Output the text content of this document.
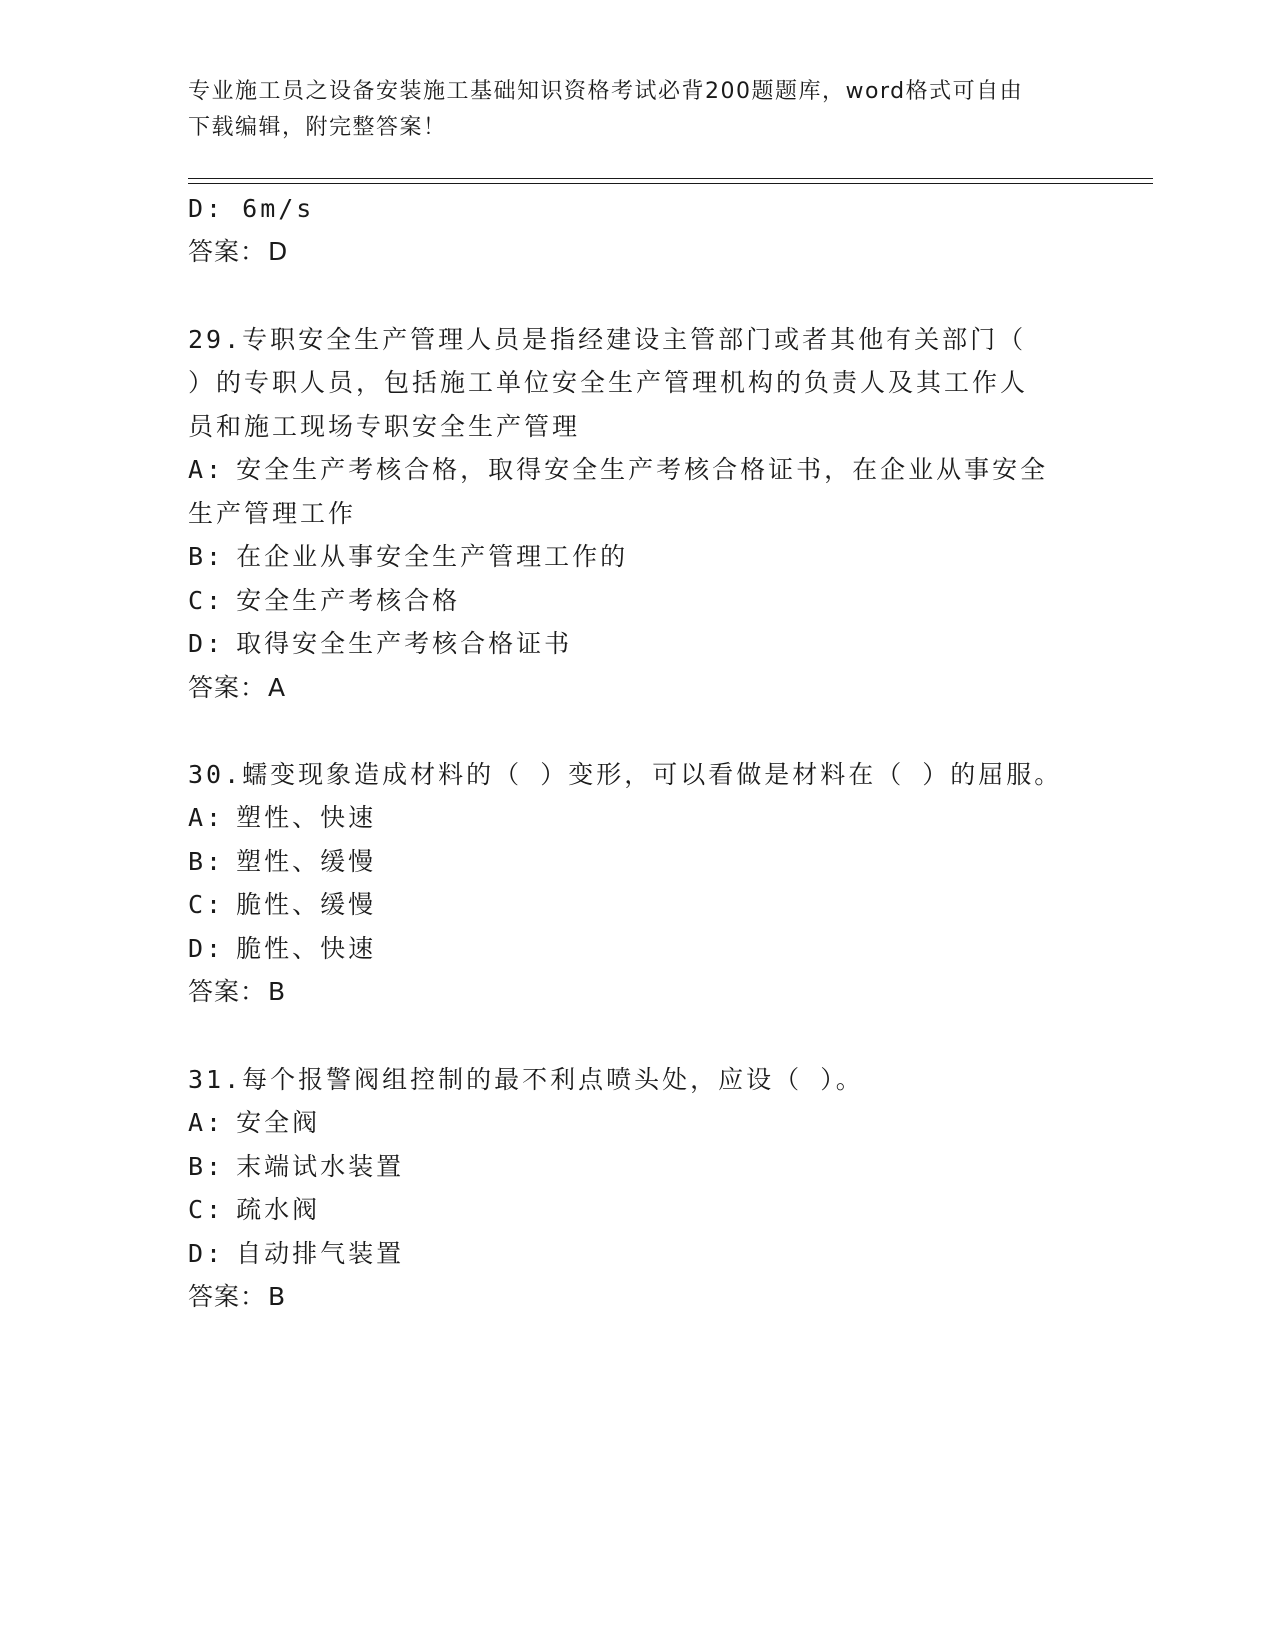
专业施工员之设备安装施工基础知识资格考试必背200题题库，word格式可自由
下载编辑，附完整答案！
D: 6m/s
答案：D
29.专职安全生产管理人员是指经建设主管部门或者其他有关部门（
）的专职人员，包括施工单位安全生产管理机构的负责人及其工作人
员和施工现场专职安全生产管理
A: 安全生产考核合格，取得安全生产考核合格证书，在企业从事安全
生产管理工作
B: 在企业从事安全生产管理工作的
C: 安全生产考核合格
D: 取得安全生产考核合格证书
答案：A
30.蠕变现象造成材料的（ ）变形，可以看做是材料在（ ）的屈服。
A: 塑性、快速
B: 塑性、缓慢
C: 脆性、缓慢
D: 脆性、快速
答案：B
31.每个报警阀组控制的最不利点喷头处，应设（ ）。
A: 安全阀
B: 末端试水装置
C: 疏水阀
D: 自动排气装置
答案：B
